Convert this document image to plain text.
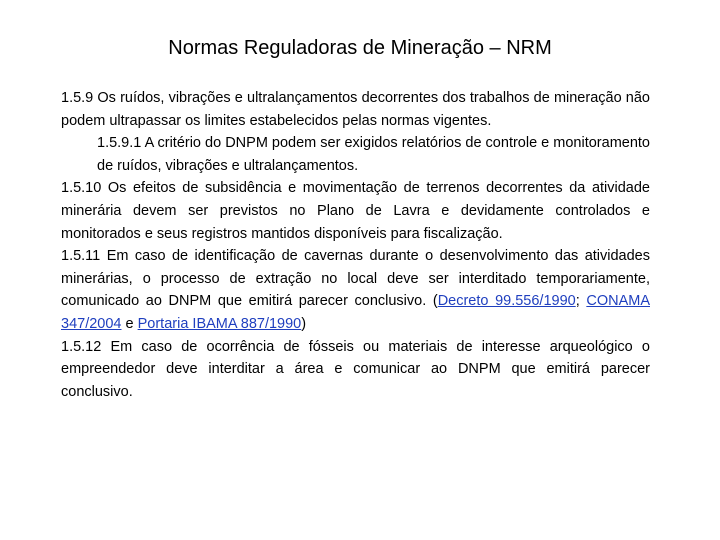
Normas Reguladoras de Mineração – NRM

1.5.9 Os ruídos, vibrações e ultralançamentos decorrentes dos trabalhos de mineração não podem ultrapassar os limites estabelecidos pelas normas vigentes.

1.5.9.1 A critério do DNPM podem ser exigidos relatórios de controle e monitoramento de ruídos, vibrações e ultralançamentos.

1.5.10 Os efeitos de subsidência e movimentação de terrenos decorrentes da atividade minerária devem ser previstos no Plano de Lavra e devidamente controlados e monitorados e seus registros mantidos disponíveis para fiscalização.

1.5.11 Em caso de identificação de cavernas durante o desenvolvimento das atividades minerárias, o processo de extração no local deve ser interditado temporariamente, comunicado ao DNPM que emitirá parecer conclusivo. (Decreto 99.556/1990; CONAMA 347/2004 e Portaria IBAMA 887/1990)

1.5.12 Em caso de ocorrência de fósseis ou materiais de interesse arqueológico o empreendedor deve interditar a área e comunicar ao DNPM que emitirá parecer conclusivo.
